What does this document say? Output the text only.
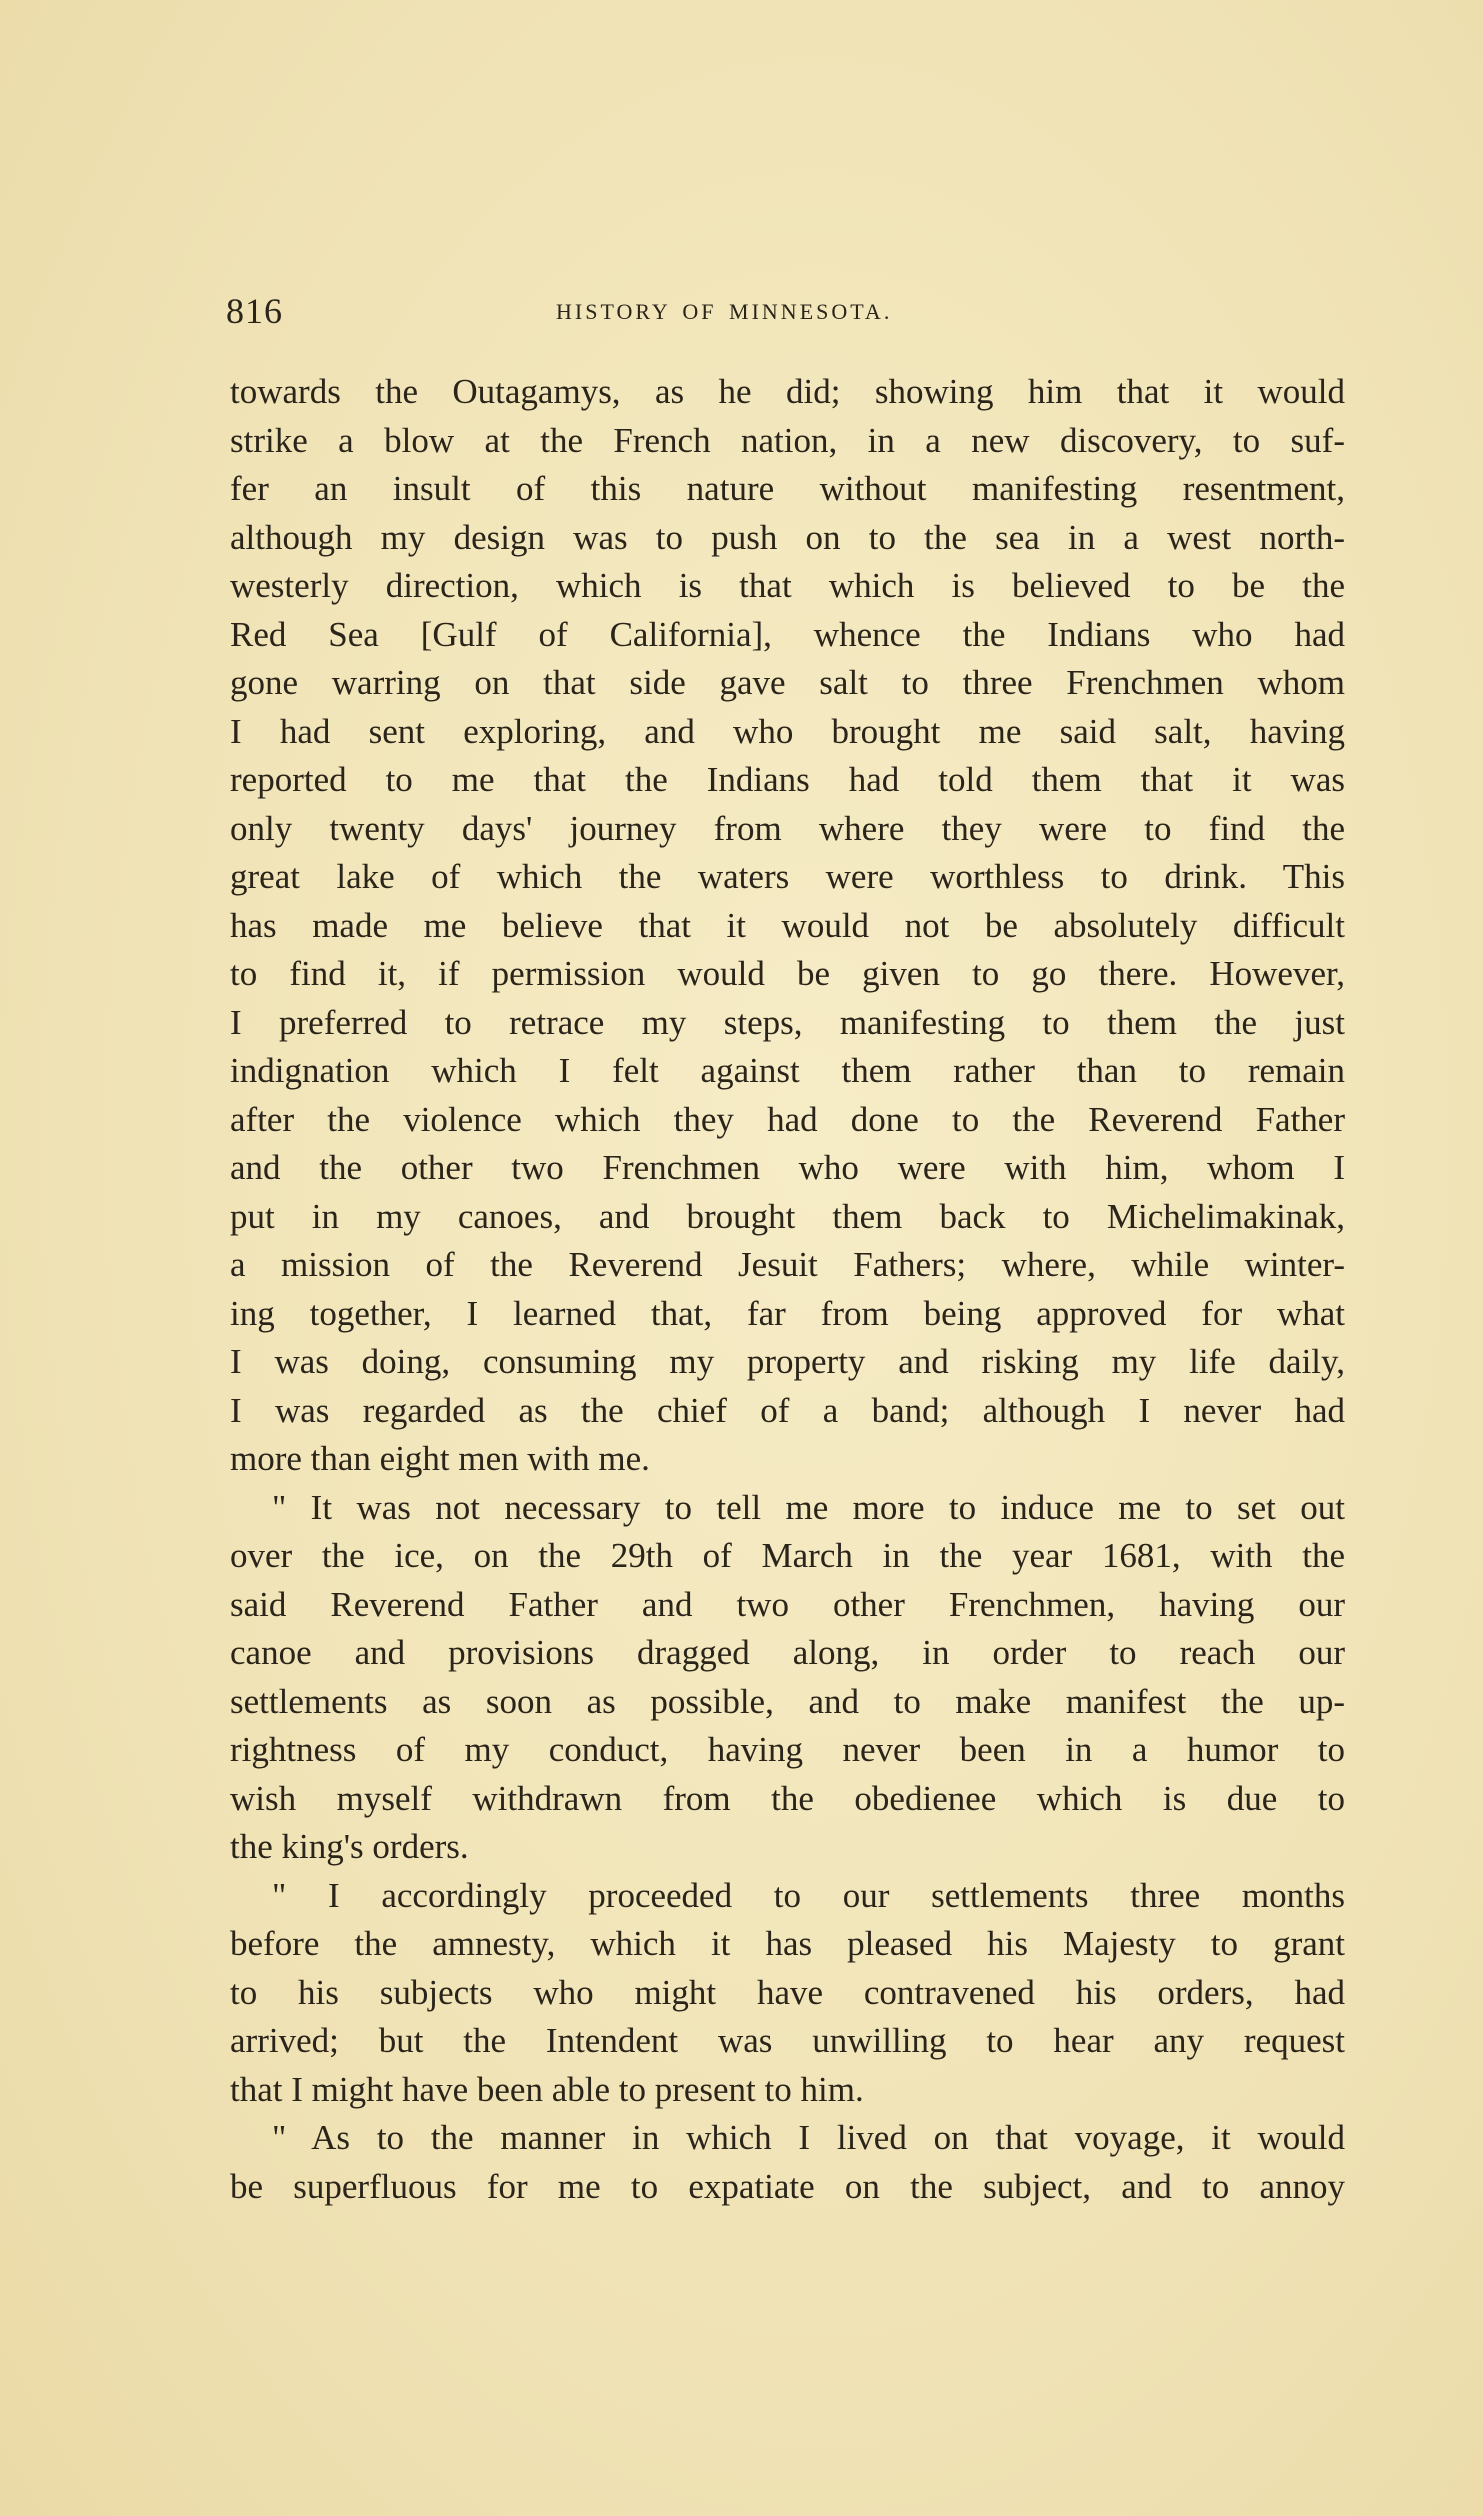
816	HISTORY OF MINNESOTA.
towards the Outagamys, as he did; showing him that it would
strike a blow at the French nation, in a new discovery, to suf-
fer an insult of this nature without manifesting resentment,
although my design was to push on to the sea in a west north-
westerly direction, which is that which is believed to be the
Red Sea [Gulf of California], whence the Indians who had
gone warring on that side gave salt to three Frenchmen whom
I had sent exploring, and who brought me said salt, having
reported to me that the Indians had told them that it was
only twenty days' journey from where they were to find the
great lake of which the waters were worthless to drink. This
has made me believe that it would not be absolutely difficult
to find it, if permission would be given to go there. However,
I preferred to retrace my steps, manifesting to them the just
indignation which I felt against them rather than to remain
after the violence which they had done to the Reverend Father
and the other two Frenchmen who were with him, whom I
put in my canoes, and brought them back to Michelimakinak,
a mission of the Reverend Jesuit Fathers; where, while winter-
ing together, I learned that, far from being approved for what
I was doing, consuming my property and risking my life daily,
I was regarded as the chief of a band; although I never had
more than eight men with me.
" It was not necessary to tell me more to induce me to set out
over the ice, on the 29th of March in the year 1681, with the
said Reverend Father and two other Frenchmen, having our
canoe and provisions dragged along, in order to reach our
settlements as soon as possible, and to make manifest the up-
rightness of my conduct, having never been in a humor to
wish myself withdrawn from the obedienee which is due to
the king's orders.
" I accordingly proceeded to our settlements three months
before the amnesty, which it has pleased his Majesty to grant
to his subjects who might have contravened his orders, had
arrived; but the Intendent was unwilling to hear any request
that I might have been able to present to him.
" As to the manner in which I lived on that voyage, it would
be superfluous for me to expatiate on the subject, and to annoy
